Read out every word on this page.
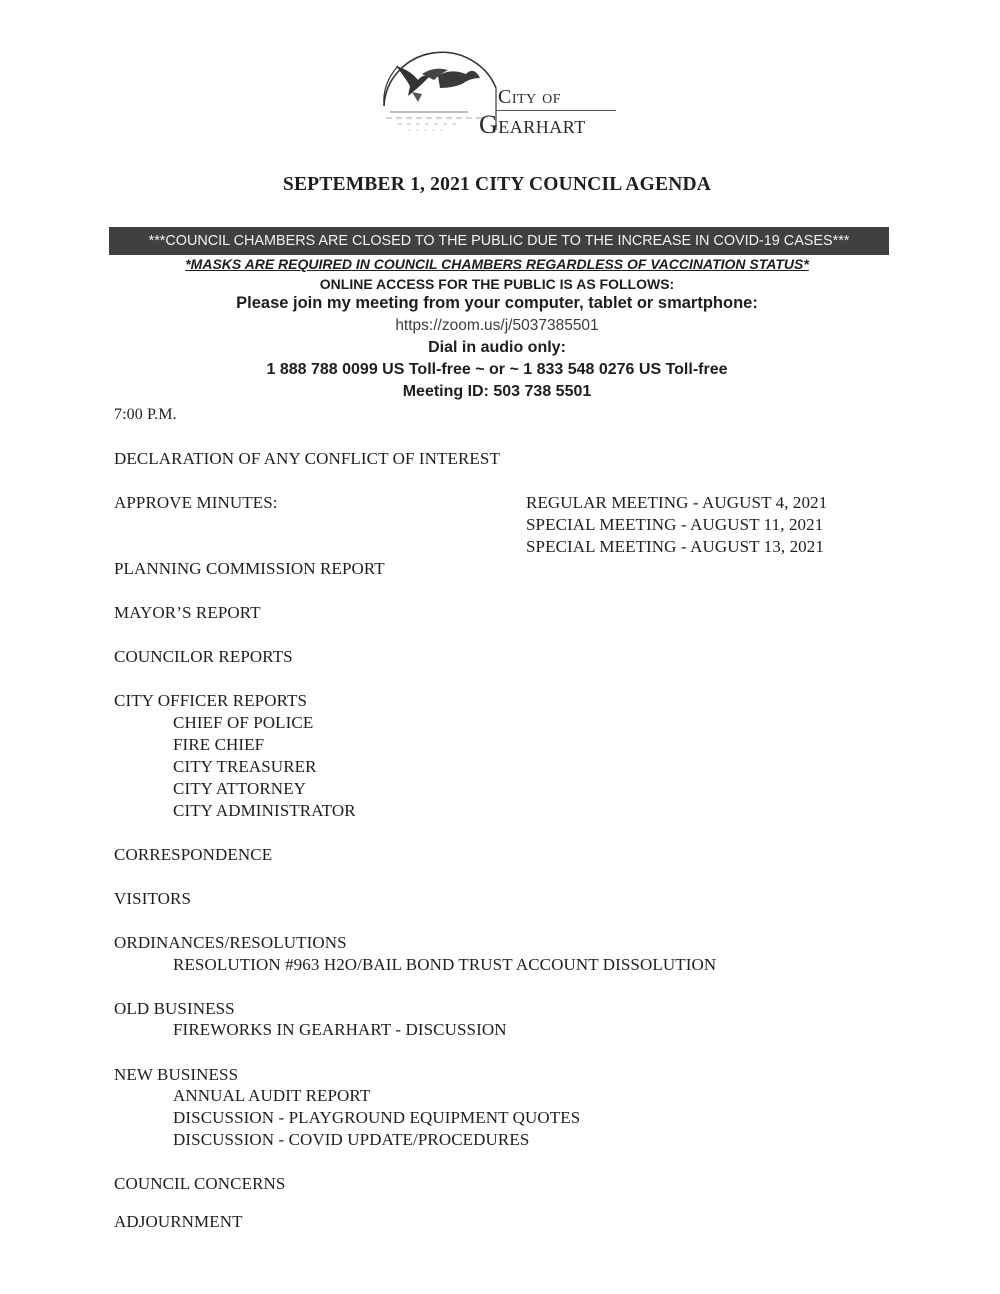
City of
Gearhart
SEPTEMBER 1, 2021 CITY COUNCIL AGENDA
***COUNCIL CHAMBERS ARE CLOSED TO THE PUBLIC DUE TO THE INCREASE IN COVID-19 CASES***
*MASKS ARE REQUIRED IN COUNCIL CHAMBERS REGARDLESS OF VACCINATION STATUS*
ONLINE ACCESS FOR THE PUBLIC IS AS FOLLOWS:
Please join my meeting from your computer, tablet or smartphone:
https://zoom.us/j/5037385501
Dial in audio only:
1 888 788 0099 US Toll-free ~ or ~ 1 833 548 0276 US Toll-free
Meeting ID: 503 738 5501
7:00 P.M.
DECLARATION OF ANY CONFLICT OF INTEREST
APPROVE MINUTES:	REGULAR MEETING - AUGUST 4, 2021
SPECIAL MEETING - AUGUST 11, 2021
SPECIAL MEETING - AUGUST 13, 2021
PLANNING COMMISSION REPORT
MAYOR’S REPORT
COUNCILOR REPORTS
CITY OFFICER REPORTS
CHIEF OF POLICE
FIRE CHIEF
CITY TREASURER
CITY ATTORNEY
CITY ADMINISTRATOR
CORRESPONDENCE
VISITORS
ORDINANCES/RESOLUTIONS
RESOLUTION #963 H2O/BAIL BOND TRUST ACCOUNT DISSOLUTION
OLD BUSINESS
FIREWORKS IN GEARHART - DISCUSSION
NEW BUSINESS
ANNUAL AUDIT REPORT
DISCUSSION - PLAYGROUND EQUIPMENT QUOTES
DISCUSSION - COVID UPDATE/PROCEDURES
COUNCIL CONCERNS
ADJOURNMENT
